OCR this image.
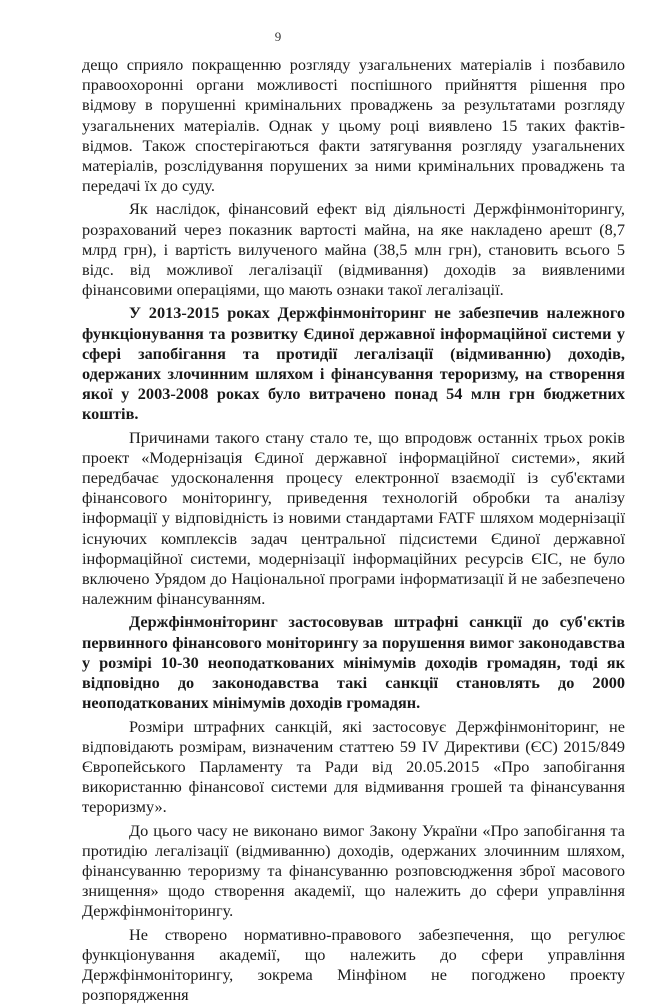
9

дещо сприяло покращенню розгляду узагальнених матеріалів і позбавило правоохоронні органи можливості поспішного прийняття рішення про відмову в порушенні кримінальних проваджень за результатами розгляду узагальнених матеріалів. Однак у цьому році виявлено 15 таких фактів-відмов. Також спостерігаються факти затягування розгляду узагальнених матеріалів, розслідування порушених за ними кримінальних проваджень та передачі їх до суду.

Як наслідок, фінансовий ефект від діяльності Держфінмоніторингу, розрахований через показник вартості майна, на яке накладено арешт (8,7 млрд грн), і вартість вилученого майна (38,5 млн грн), становить всього 5 відс. від можливої легалізації (відмивання) доходів за виявленими фінансовими операціями, що мають ознаки такої легалізації.

У 2013-2015 роках Держфінмоніторинг не забезпечив належного функціонування та розвитку Єдиної державної інформаційної системи у сфері запобігання та протидії легалізації (відмиванню) доходів, одержаних злочинним шляхом і фінансування тероризму, на створення якої у 2003-2008 роках було витрачено понад 54 млн грн бюджетних коштів.

Причинами такого стану стало те, що впродовж останніх трьох років проект «Модернізація Єдиної державної інформаційної системи», який передбачає удосконалення процесу електронної взаємодії із суб'єктами фінансового моніторингу, приведення технологій обробки та аналізу інформації у відповідність із новими стандартами FATF шляхом модернізації існуючих комплексів задач центральної підсистеми Єдиної державної інформаційної системи, модернізації інформаційних ресурсів ЄІС, не було включено Урядом до Національної програми інформатизації й не забезпечено належним фінансуванням.

Держфінмоніторинг застосовував штрафні санкції до суб'єктів первинного фінансового моніторингу за порушення вимог законодавства у розмірі 10-30 неоподаткованих мінімумів доходів громадян, тоді як відповідно до законодавства такі санкції становлять до 2000 неоподаткованих мінімумів доходів громадян.

Розміри штрафних санкцій, які застосовує Держфінмоніторинг, не відповідають розмірам, визначеним статтею 59 IV Директиви (ЄС) 2015/849 Європейського Парламенту та Ради від 20.05.2015 «Про запобігання використанню фінансової системи для відмивання грошей та фінансування тероризму».

До цього часу не виконано вимог Закону України «Про запобігання та протидію легалізації (відмиванню) доходів, одержаних злочинним шляхом, фінансуванню тероризму та фінансуванню розповсюдження зброї масового знищення» щодо створення академії, що належить до сфери управління Держфінмоніторингу.

Не створено нормативно-правового забезпечення, що регулює функціонування академії, що належить до сфери управління Держфінмоніторингу, зокрема Мінфіном не погоджено проекту розпорядження
